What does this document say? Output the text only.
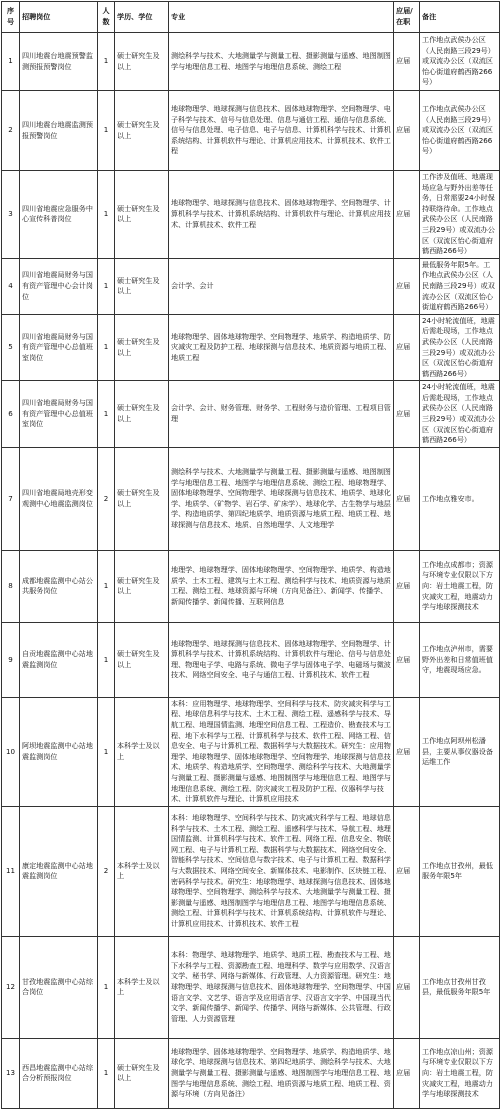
序号	招聘岗位	人数	学历、学位	专业	应届/在职	备注
1	四川地震台地震预警监测预报预警岗位	1	硕士研究生及以上	测绘科学与技术、大地测量学与测量工程、摄影测量与遥感、地图制图学与地理信息工程、地图学与地理信息系统、测绘工程	应届	工作地点武侯办公区（人民南路三段29号）或双流办公区（双流区怡心街道府鹤西路266号）
2	四川地震台地震监测预报预警岗位	1	硕士研究生及以上	地球物理学、地球探测与信息技术、固体地球物理学、空间物理学、电子科学与技术、信号与信息处理、信息与通信工程、通信与信息系统、信号与信息处理、电子信息、电子与信息、计算机科学与技术、计算机系统结构、计算机软件与理论、计算机应用技术、计算机技术、软件工程	应届	工作地点武侯办公区（人民南路三段29号）或双流办公区（双流区怡心街道府鹤西路266号）
3	四川省地震应急服务中心宣传科普岗位	1	硕士研究生及以上	地球物理学、地球探测与信息技术、固体地球物理学、空间物理学、计算机科学与技术、计算机系统结构、计算机软件与理论、计算机应用技术、计算机技术、软件工程	应届	工作涉及值班、地震现场应急与野外出差等任务，日常需要24小时保持联络待命。工作地点武侯办公区（人民南路三段29号）或双流办公区（双流区怡心街道府鹤西路266号）
4	四川省地震局财务与国有资产管理中心会计岗位	1	硕士研究生及以上	会计学、会计	应届	最低服务年限5年。工作地点武侯办公区（人民南路三段29号）或双流办公区（双流区怡心街道府鹤西路266号）
5	四川省地震局财务与国有资产管理中心总值班室岗位	1	硕士研究生及以上	地球物理学、固体地球物理学、空间物理学、地质学、构造地质学、防灾减灾工程及防护工程、地球探测与信息技术、地质资源与地质工程、地质工程	应届	24小时轮流值班，地震后需赴现场，工作地点武侯办公区（人民南路三段29号）或双流办公区（双流区怡心街道府鹤西路266号）
6	四川省地震局财务与国有资产管理中心总值班室岗位	1	硕士研究生及以上	会计学、会计、财务管理、财务学、工程财务与造价管理、工程项目管理	应届	24小时轮流值班，地震后需赴现场，工作地点武侯办公区（人民南路三段29号）或双流办公区（双流区怡心街道府鹤西路266号）
7	四川省地震局地壳形变观测中心地震监测岗位	2	硕士研究生及以上	测绘科学与技术、大地测量学与测量工程、摄影测量与遥感、地图制图学与地理信息工程、地图学与地理信息系统、测绘工程、地球物理学、固体地球物理学、空间物理学、地球探测与信息技术、地质学、地球化学、地质学、（矿物学、岩石学、矿床学）、地球化学、古生物学与地层学、构造地质学、第四纪地质学、地质资源与地质工程、地质工程、地球探测与信息技术、地质、自然地理学、人文地理学	应届	工作地点雅安市。
8	成都地震监测中心站公共服务岗位	1	硕士研究生及以上	地理学、地球物理学、固体地球物理学、空间物理学、地质学、构造地质学、土木工程、建筑与土木工程、测绘科学与技术、地质资源与地质工程、测绘工程、地球资源与环境（方向见备注）、新闻学、传播学、新闻传播学、新闻传播、互联网信息	应届	工作地点成都市；资源与环境专业仅限以下方向：岩土地震工程，防灾减灾工程，地震动力学与地球探测技术
9	自贡地震监测中心站地震监测岗位	1	硕士研究生及以上	地球物理学、地球探测与信息技术、固体地球物理学、空间物理学、计算机科学与技术、计算机系统结构、计算机软件与理论、信号与信息处理、物理电子学、电路与系统、微电子学与固体电子学、电磁场与微波技术、网络空间安全、电子与通信工程、计算机技术、软件工程	应届	工作地点泸州市，需要野外出差和日常值班值守，地震现场应急。
10	阿坝地震监测中心站地震监测岗位	1	本科学士及以上	本科：应用物理学、地球物理学、空间科学与技术、防灾减灾科学与工程、地球信息科学与技术、土木工程、测绘工程、遥感科学与技术、导航工程、地理国情监测、地理空间信息工程、工程造价、勘查技术与工程、地下水科学与工程、计算机科学与技术、软件工程、网络工程、信息安全、电子与计算机工程、数据科学与大数据技术。研究生：应用物理学、地球物理学、固体地球物理学、空间物理学、地球探测与信息技术、地质学、构造地质学、空间物理学、测绘科学与技术、大地测量学与测量工程、摄影测量与遥感、地图制图学与地理信息工程、地图学与地理信息系统、测绘工程、防灾减灾工程及防护工程、仪器科学与技术、计算机软件与理论、计算机应用技术	应届	工作地点阿坝州松潘县，主要从事仪器设备运维工作
11	康定地震监测中心站地震监测岗位	2	本科学士及以上	本科：地球物理学、空间科学与技术、防灾减灾科学与工程、地球信息科学与技术、土木工程、测绘工程、遥感科学与技术、导航工程、地理国情监测、计算机科学与技术、软件工程、网络工程、信息安全、物联网工程、电子与计算机工程、数据科学与大数据技术、网络空间安全、智能科学与技术、空间信息与数字技术、电子与计算机工程、数据科学与大数据技术、网络空间安全、新媒体技术、电影制作、区块链工程、密码科学与技术。研究生：地球物理学、地球探测与信息技术、固体地球物理学、空间物理学、测绘科学与技术、大地测量学与测量工程、摄影测量与遥感、地图制图学与地理信息工程、地图学与地理信息系统、测绘工程、计算机科学与技术、计算机系统结构、计算机软件与理论、计算机应用技术、计算机技术、软件工程	应届	工作地点甘孜州，最低服务年限5年
12	甘孜地震监测中心站综合岗位	1	本科学士及以上	本科：物理学、地球物理学、地质学、地质工程、勘查技术与工程、地下水科学与工程、资源勘查工程、地理科学、数学与应用数学、汉语言文学、秘书学、网络与新媒体、行政管理、人力资源管理。研究生：地球物理学、地球探测与信息技术、固体地球物理学、空间物理学、中国语言文学、文艺学、语言学及应用语言学、汉语言文字学、中国现当代文学、新闻传播学、新闻学、传播学、网络与新媒体、公共管理、行政管理、人力资源管理	应届	工作地点甘孜州甘孜县，最低服务年限5年
13	西昌地震监测中心站综合分析预报岗位	1	硕士研究生及以上	地球物理学、固体地球物理学、空间物理学、地质学、构造地质学、地球化学、地球探测与信息技术、第四纪地质学、测绘科学与技术、大地测量学与测量工程、摄影测量与遥感、地图制图学与地理信息工程、地图学与地理信息系统、测绘工程、地质资源与地质工程、地质工程、资源与环境（方向见备注）	应届	工作地点凉山州；资源与环境专业仅限以下方向：岩土地震工程，防灾减灾工程，地震动力学与地球探测技术
